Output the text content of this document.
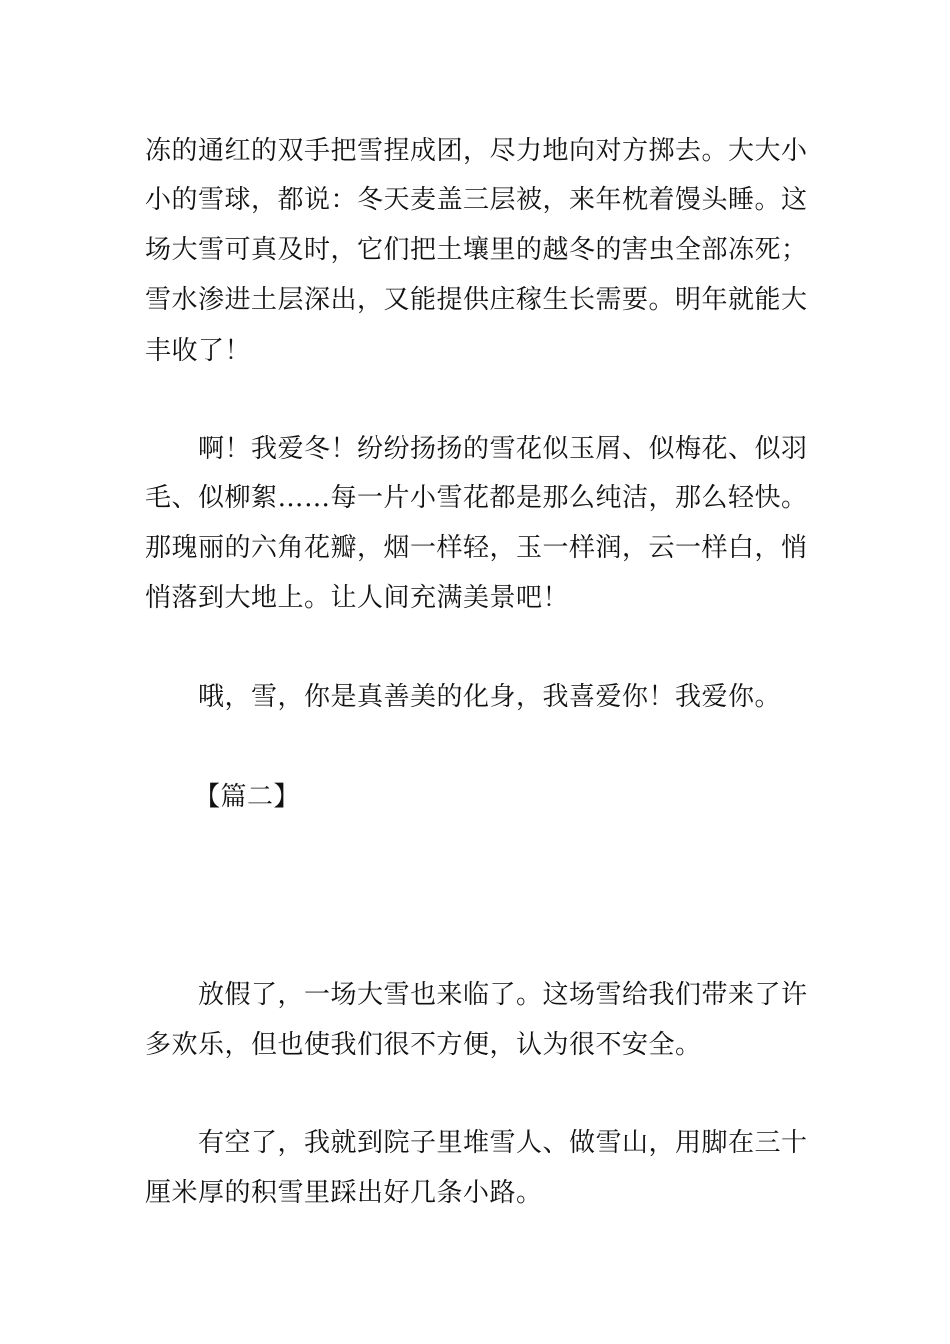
冻的通红的双手把雪捏成团，尽力地向对方掷去。大大小
小的雪球，都说：冬天麦盖三层被，来年枕着馒头睡。这
场大雪可真及时，它们把土壤里的越冬的害虫全部冻死；
雪水渗进土层深出，又能提供庄稼生长需要。明年就能大
丰收了！
啊！我爱冬！纷纷扬扬的雪花似玉屑、似梅花、似羽
毛、似柳絮……每一片小雪花都是那么纯洁，那么轻快。
那瑰丽的六角花瓣，烟一样轻，玉一样润，云一样白，悄
悄落到大地上。让人间充满美景吧！
哦，雪，你是真善美的化身，我喜爱你！我爱你。
【篇二】
放假了，一场大雪也来临了。这场雪给我们带来了许
多欢乐，但也使我们很不方便，认为很不安全。
有空了，我就到院子里堆雪人、做雪山，用脚在三十
厘米厚的积雪里踩出好几条小路。
